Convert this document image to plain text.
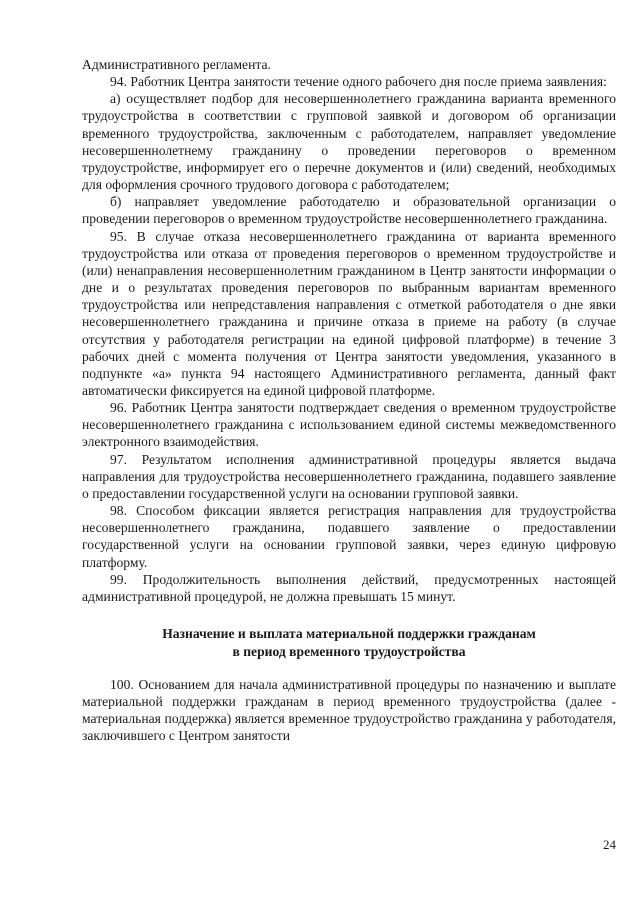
Административного регламента.

94. Работник Центра занятости течение одного рабочего дня после приема заявления:

а) осуществляет подбор для несовершеннолетнего гражданина варианта временного трудоустройства в соответствии с групповой заявкой и договором об организации временного трудоустройства, заключенным с работодателем, направляет уведомление несовершеннолетнему гражданину о проведении переговоров о временном трудоустройстве, информирует его о перечне документов и (или) сведений, необходимых для оформления срочного трудового договора с работодателем;

б) направляет уведомление работодателю и образовательной организации о проведении переговоров о временном трудоустройстве несовершеннолетнего гражданина.

95. В случае отказа несовершеннолетнего гражданина от варианта временного трудоустройства или отказа от проведения переговоров о временном трудоустройстве и (или) ненаправления несовершеннолетним гражданином в Центр занятости информации о дне и о результатах проведения переговоров по выбранным вариантам временного трудоустройства или непредставления направления с отметкой работодателя о дне явки несовершеннолетнего гражданина и причине отказа в приеме на работу (в случае отсутствия у работодателя регистрации на единой цифровой платформе) в течение 3 рабочих дней с момента получения от Центра занятости уведомления, указанного в подпункте «а» пункта 94 настоящего Административного регламента, данный факт автоматически фиксируется на единой цифровой платформе.

96. Работник Центра занятости подтверждает сведения о временном трудоустройстве несовершеннолетнего гражданина с использованием единой системы межведомственного электронного взаимодействия.

97. Результатом исполнения административной процедуры является выдача направления для трудоустройства несовершеннолетнего гражданина, подавшего заявление о предоставлении государственной услуги на основании групповой заявки.

98. Способом фиксации является регистрация направления для трудоустройства несовершеннолетнего гражданина, подавшего заявление о предоставлении государственной услуги на основании групповой заявки, через единую цифровую платформу.

99. Продолжительность выполнения действий, предусмотренных настоящей административной процедурой, не должна превышать 15 минут.

Назначение и выплата материальной поддержки гражданам
в период временного трудоустройства

100. Основанием для начала административной процедуры по назначению и выплате материальной поддержки гражданам в период временного трудоустройства (далее - материальная поддержка) является временное трудоустройство гражданина у работодателя, заключившего с Центром занятости

24
